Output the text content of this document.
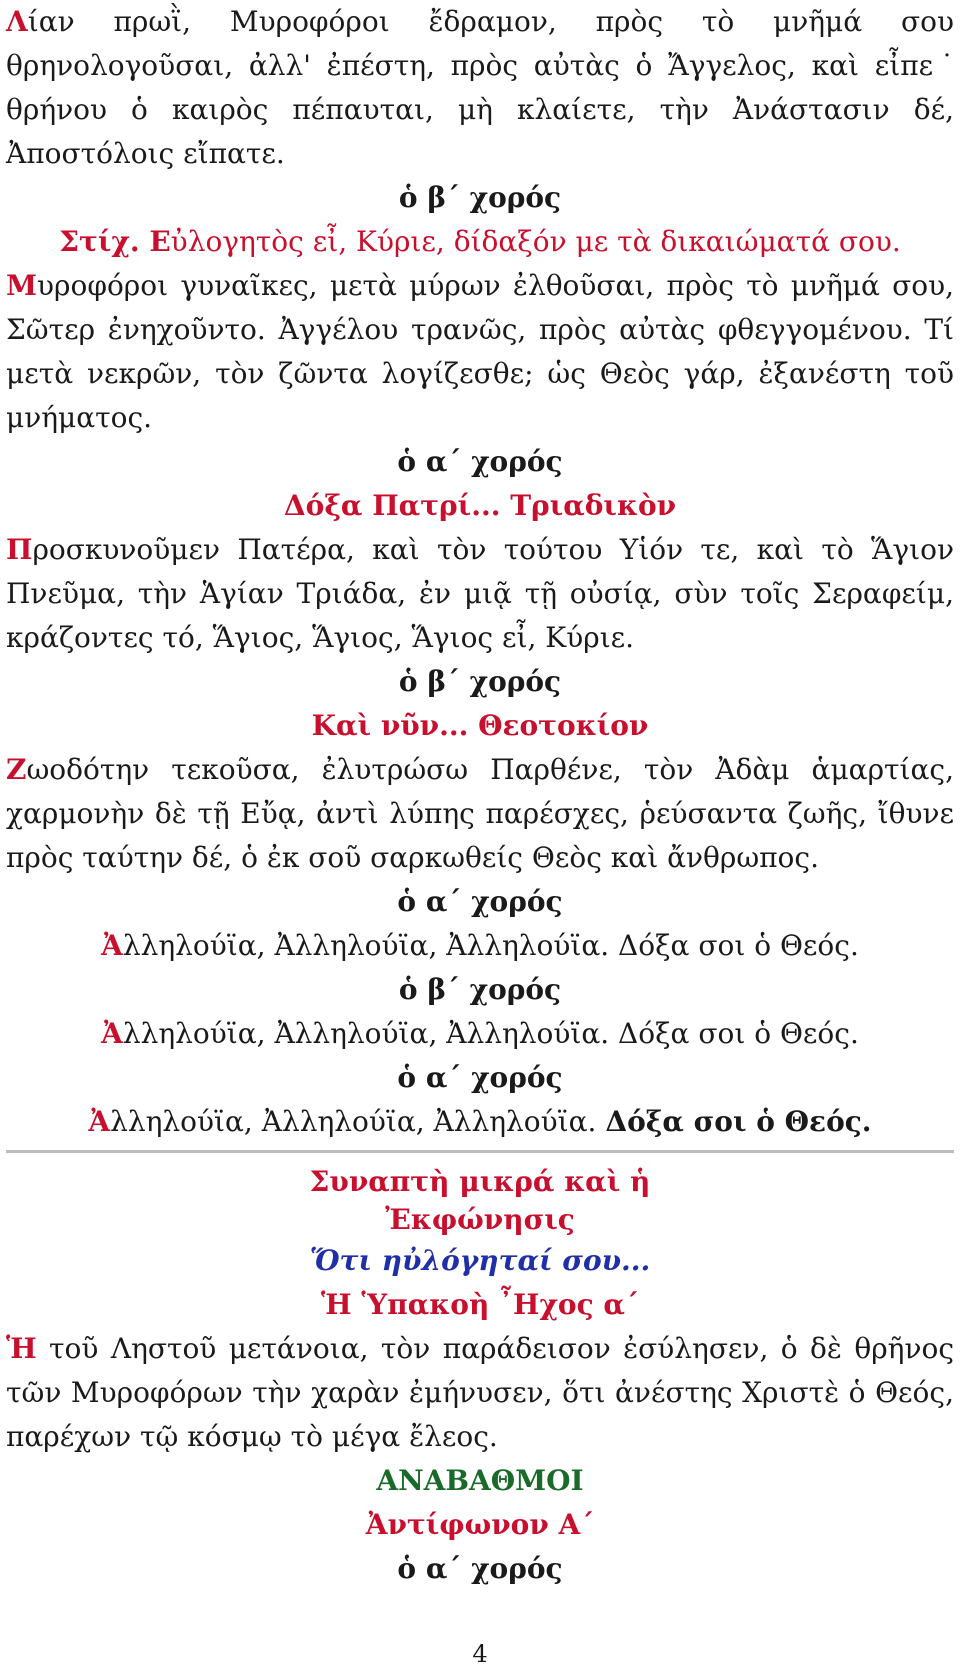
Λίαν πρωῒ, Μυροφόροι ἔδραμον, πρὸς τὸ μνῆμά σου θρηνολογοῦσαι, ἀλλ' ἐπέστη, πρὸς αὐτὰς ὁ Ἄγγελος, καὶ εἶπε˙ θρήνου ὁ καιρὸς πέπαυται, μὴ κλαίετε, τὴν Ἀνάστασιν δέ, Ἀποστόλοις εἴπατε.

ὁ β΄ χορός

Στίχ. Εὐλογητὸς εἶ, Κύριε, δίδαξόν με τὰ δικαιώματά σου.

Μυροφόροι γυναῖκες, μετὰ μύρων ἐλθοῦσαι, πρὸς τὸ μνῆμά σου, Σῶτερ ἐνηχοῦντο. Ἀγγέλου τρανῶς, πρὸς αὐτὰς φθεγγομένου. Τί μετὰ νεκρῶν, τὸν ζῶντα λογίζεσθε; ὡς Θεὸς γάρ, ἐξανέστη τοῦ μνήματος.

ὁ α΄ χορός

Δόξα Πατρί... Τριαδικὸν

Προσκυνοῦμεν Πατέρα, καὶ τὸν τούτου Υἱόν τε, καὶ τὸ Ἅγιον Πνεῦμα, τὴν Ἁγίαν Τριάδα, ἐν μιᾷ τῇ οὐσίᾳ, σὺν τοῖς Σεραφείμ, κράζοντες τό, Ἅγιος, Ἅγιος, Ἅγιος εἶ, Κύριε.

ὁ β΄ χορός

Καὶ νῦν... Θεοτοκίον

Ζωοδότην τεκοῦσα, ἐλυτρώσω Παρθένε, τὸν Ἀδὰμ ἁμαρτίας, χαρμονὴν δὲ τῇ Εὔᾳ, ἀντὶ λύπης παρέσχες, ῥεύσαντα ζωῆς, ἴθυνε πρὸς ταύτην δέ, ὁ ἐκ σοῦ σαρκωθείς Θεὸς καὶ ἄνθρωπος.

ὁ α΄ χορός

Ἀλληλούϊα, Ἀλληλούϊα, Ἀλληλούϊα. Δόξα σοι ὁ Θεός.

ὁ β΄ χορός

Ἀλληλούϊα, Ἀλληλούϊα, Ἀλληλούϊα. Δόξα σοι ὁ Θεός.

ὁ α΄ χορός

Ἀλληλούϊα, Ἀλληλούϊα, Ἀλληλούϊα. Δόξα σοι ὁ Θεός.

Συναπτὴ μικρά καὶ ἡ

Ἐκφώνησις

Ὅτι ηὐλόγηταί σου...

Ἡ Ὑπακοὴ ῏Ηχος α΄

Ἡ τοῦ Ληστοῦ μετάνοια, τὸν παράδεισον ἐσύλησεν, ὁ δὲ θρῆνος τῶν Μυροφόρων τὴν χαρὰν ἐμήνυσεν, ὅτι ἀνέστης Χριστὲ ὁ Θεός, παρέχων τῷ κόσμῳ τὸ μέγα ἔλεος.

ΑΝΑΒΑΘΜΟΙ

Ἀντίφωνον Α΄

ὁ α΄ χορός

4
